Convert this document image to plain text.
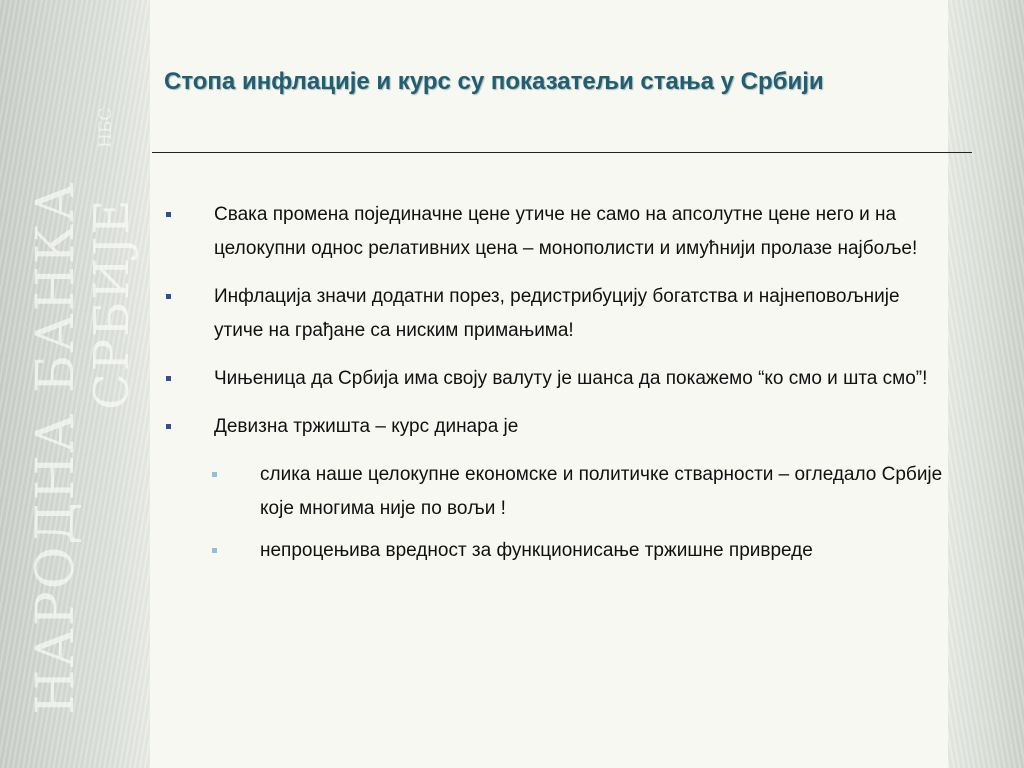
НАРОДНА БАНКА
СРБИЈЕ
НБС
Стопа инфлације и курс су показатељи стања у Србији
Свака промена појединачне цене утиче не само на апсолутне цене него и на целокупни однос релативних цена – монополисти и имућнији пролазе најбоље!
Инфлација значи додатни порез, редистрибуцију богатства и најнеповољније утиче на грађане са ниским примањима!
Чињеница да Србија има своју валуту је шанса да покажемо “ко смо и шта смо”!
Девизна тржишта – курс динара је
слика наше целокупне економске и политичке стварности – огледало Србије које многима није по вољи !
непроцењива вредност за функционисање тржишне привреде
